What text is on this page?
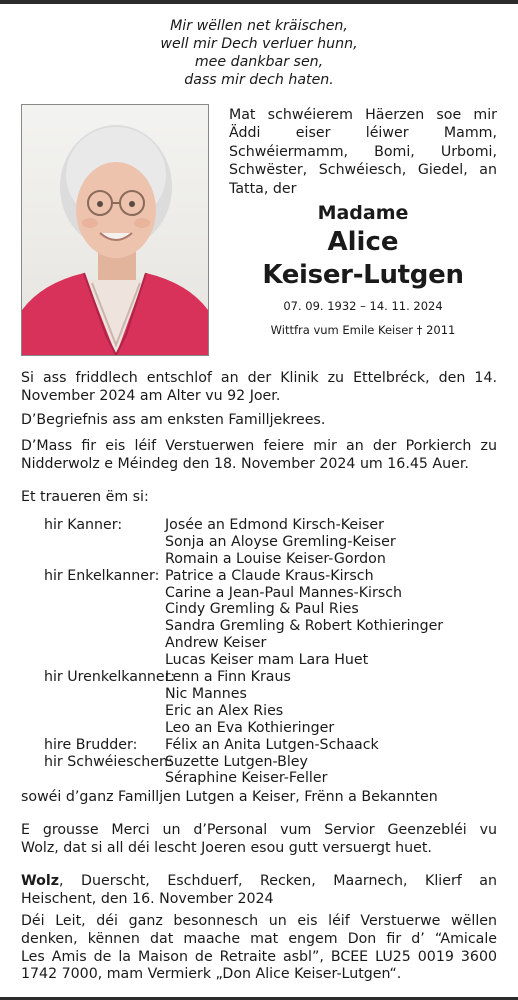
Mir wëllen net kräischen,
well mir Dech verluer hunn,
mee dankbar sen,
dass mir dech haten.
Mat schwéierem Häerzen soe mir
Äddi eiser léiwer Mamm,
Schwéiermamm, Bomi, Urbomi,
Schwëster, Schwéiesch, Giedel, an
Tatta, der
Madame
Alice
Keiser-Lutgen
07. 09. 1932 – 14. 11. 2024
Wittfra vum Emile Keiser † 2011
Si ass friddlech entschlof an der Klinik zu Ettelbréck, den 14.
November 2024 am Alter vu 92 Joer.
D’Begriefnis ass am enksten Familljekrees.
D’Mass fir eis léif Verstuerwen feiere mir an der Porkierch zu
Nidderwolz e Méindeg den 18. November 2024 um 16.45 Auer.
Et traueren ëm si:
hir Kanner:	Josée an Edmond Kirsch-Keiser
Sonja an Aloyse Gremling-Keiser
Romain a Louise Keiser-Gordon
hir Enkelkanner: Patrice a Claude Kraus-Kirsch
Carine a Jean-Paul Mannes-Kirsch
Cindy Gremling & Paul Ries
Sandra Gremling & Robert Kothieringer
Andrew Keiser
Lucas Keiser mam Lara Huet
hir Urenkelkanner:
Lenn a Finn Kraus
Nic Mannes
Eric an Alex Ries
Leo an Eva Kothieringer
hire Brudder:	Félix an Anita Lutgen-Schaack
hir Schwéieschen:
Suzette Lutgen-Bley
Séraphine Keiser-Feller
sowéi d’ganz Familljen Lutgen a Keiser, Frënn a Bekannten
E grousse Merci un d’Personal vum Servior Geenzebléi vu
Wolz, dat si all déi lescht Joeren esou gutt versuergt huet.
Wolz, Duerscht, Eschduerf, Recken, Maarnech, Klierf an
Heischent, den 16. November 2024
Déi Leit, déi ganz besonnesch un eis léif Verstuerwe wëllen
denken, kënnen dat maache mat engem Don fir d’ “Amicale
Les Amis de la Maison de Retraite asbl”, BCEE LU25 0019 3600
1742 7000, mam Vermierk „Don Alice Keiser-Lutgen“.
